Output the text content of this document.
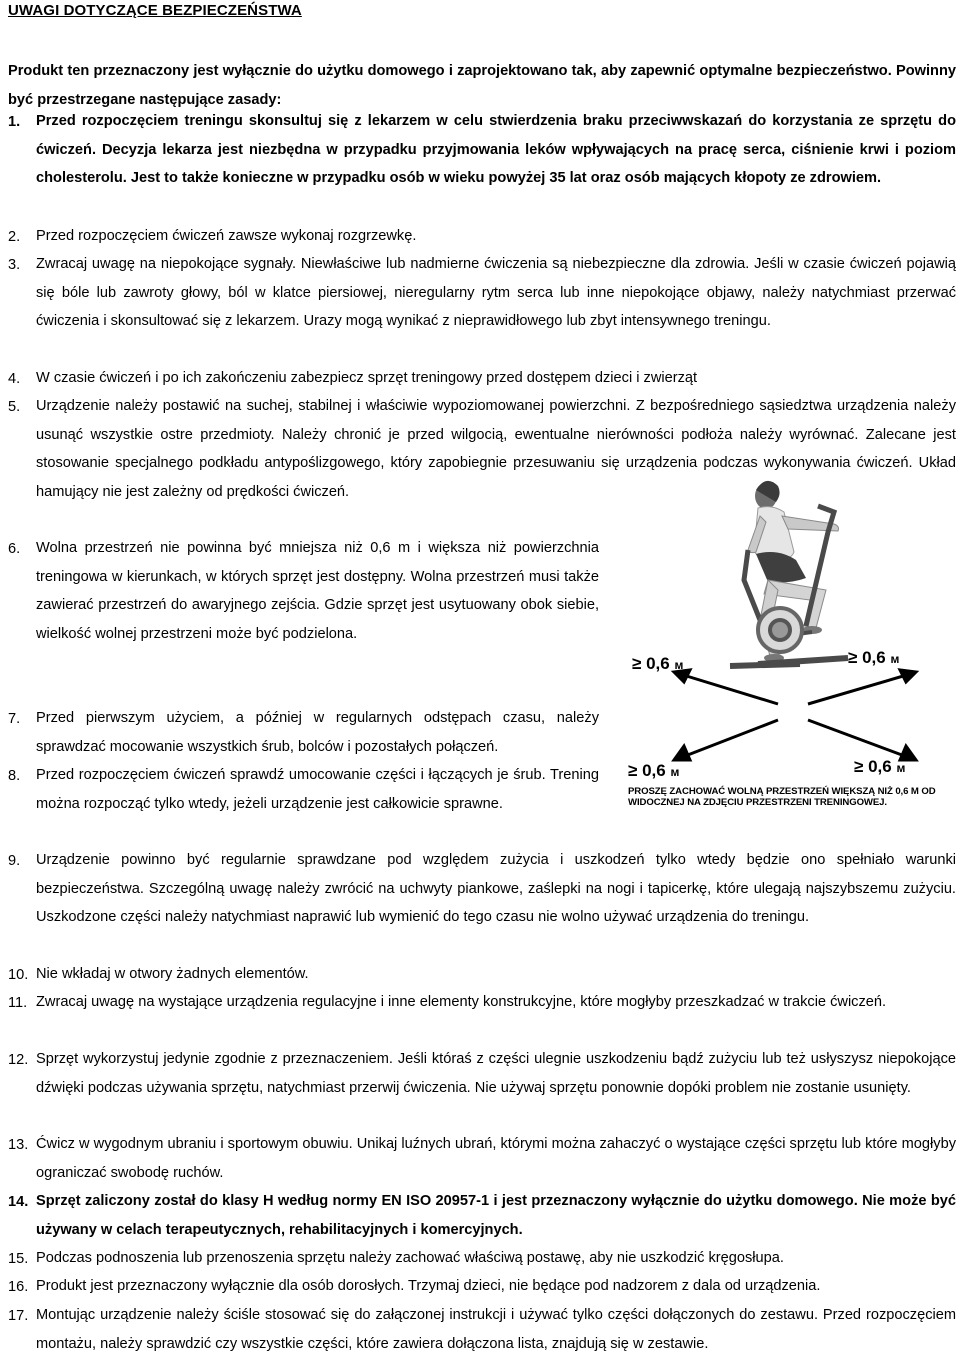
UWAGI DOTYCZĄCE BEZPIECZEŃSTWA
Produkt ten przeznaczony jest wyłącznie do użytku domowego i zaprojektowano tak, aby zapewnić optymalne bezpieczeństwo. Powinny być przestrzegane następujące zasady:
1. Przed rozpoczęciem treningu skonsultuj się z lekarzem w celu stwierdzenia braku przeciwwskazań do korzystania ze sprzętu do ćwiczeń. Decyzja lekarza jest niezbędna w przypadku przyjmowania leków wpływających na pracę serca, ciśnienie krwi i poziom cholesterolu. Jest to także konieczne w przypadku osób w wieku powyżej 35 lat oraz osób mających kłopoty ze zdrowiem.
2. Przed rozpoczęciem ćwiczeń zawsze wykonaj rozgrzewkę.
3. Zwracaj uwagę na niepokojące sygnały. Niewłaściwe lub nadmierne ćwiczenia są niebezpieczne dla zdrowia. Jeśli w czasie ćwiczeń pojawią się bóle lub zawroty głowy, ból w klatce piersiowej, nieregularny rytm serca lub inne niepokojące objawy, należy natychmiast przerwać ćwiczenia i skonsultować się z lekarzem. Urazy mogą wynikać z nieprawidłowego lub zbyt intensywnego treningu.
4. W czasie ćwiczeń i po ich zakończeniu zabezpiecz sprzęt treningowy przed dostępem dzieci i zwierząt
5. Urządzenie należy postawić na suchej, stabilnej i właściwie wypoziomowanej powierzchni. Z bezpośredniego sąsiedztwa urządzenia należy usunąć wszystkie ostre przedmioty. Należy chronić je przed wilgocią, ewentualne nierówności podłoża należy wyrównać. Zalecane jest stosowanie specjalnego podkładu antypoślizgowego, który zapobiegnie przesuwaniu się urządzenia podczas wykonywania ćwiczeń. Układ hamujący nie jest zależny od prędkości ćwiczeń.
6. Wolna przestrzeń nie powinna być mniejsza niż 0,6 m i większa niż powierzchnia treningowa w kierunkach, w których sprzęt jest dostępny. Wolna przestrzeń musi także zawierać przestrzeń do awaryjnego zejścia. Gdzie sprzęt jest usytuowany obok siebie, wielkość wolnej przestrzeni może być podzielona.
7. Przed pierwszym użyciem, a później w regularnych odstępach czasu, należy sprawdzać mocowanie wszystkich śrub, bolców i pozostałych połączeń.
8. Przed rozpoczęciem ćwiczeń sprawdź umocowanie części i łączących je śrub. Trening można rozpocząć tylko wtedy, jeżeli urządzenie jest całkowicie sprawne.
9. Urządzenie powinno być regularnie sprawdzane pod względem zużycia i uszkodzeń tylko wtedy będzie ono spełniało warunki bezpieczeństwa. Szczególną uwagę należy zwrócić na uchwyty piankowe, zaślepki na nogi i tapicerkę, które ulegają najszybszemu zużyciu. Uszkodzone części należy natychmiast naprawić lub wymienić do tego czasu nie wolno używać urządzenia do treningu.
10. Nie wkładaj w otwory żadnych elementów.
11. Zwracaj uwagę na wystające urządzenia regulacyjne i inne elementy konstrukcyjne, które mogłyby przeszkadzać w trakcie ćwiczeń.
12. Sprzęt wykorzystuj jedynie zgodnie z przeznaczeniem. Jeśli któraś z części ulegnie uszkodzeniu bądź zużyciu lub też usłyszysz niepokojące dźwięki podczas używania sprzętu, natychmiast przerwij ćwiczenia. Nie używaj sprzętu ponownie dopóki problem nie zostanie usunięty.
13. Ćwicz w wygodnym ubraniu i sportowym obuwiu. Unikaj luźnych ubrań, którymi można zahaczyć o wystające części sprzętu lub które mogłyby ograniczać swobodę ruchów.
14. Sprzęt zaliczony został do klasy H według normy EN ISO 20957-1 i jest przeznaczony wyłącznie do użytku domowego. Nie może być używany w celach terapeutycznych, rehabilitacyjnych i komercyjnych.
15. Podczas podnoszenia lub przenoszenia sprzętu należy zachować właściwą postawę, aby nie uszkodzić kręgosłupa.
16. Produkt jest przeznaczony wyłącznie dla osób dorosłych. Trzymaj dzieci, nie będące pod nadzorem z dala od urządzenia.
17. Montując urządzenie należy ściśle stosować się do załączonej instrukcji i używać tylko części dołączonych do zestawu. Przed rozpoczęciem montażu, należy sprawdzić czy wszystkie części, które zawiera dołączona lista, znajdują się w zestawie.
≥ 0,6 м	≥ 0,6 м
≥ 0,6 м	≥ 0,6 м
PROSZĘ ZACHOWAĆ WOLNĄ PRZESTRZEŃ WIĘKSZĄ NIŻ 0,6 M OD WIDOCZNEJ NA ZDJĘCIU PRZESTRZENI TRENINGOWEJ.
